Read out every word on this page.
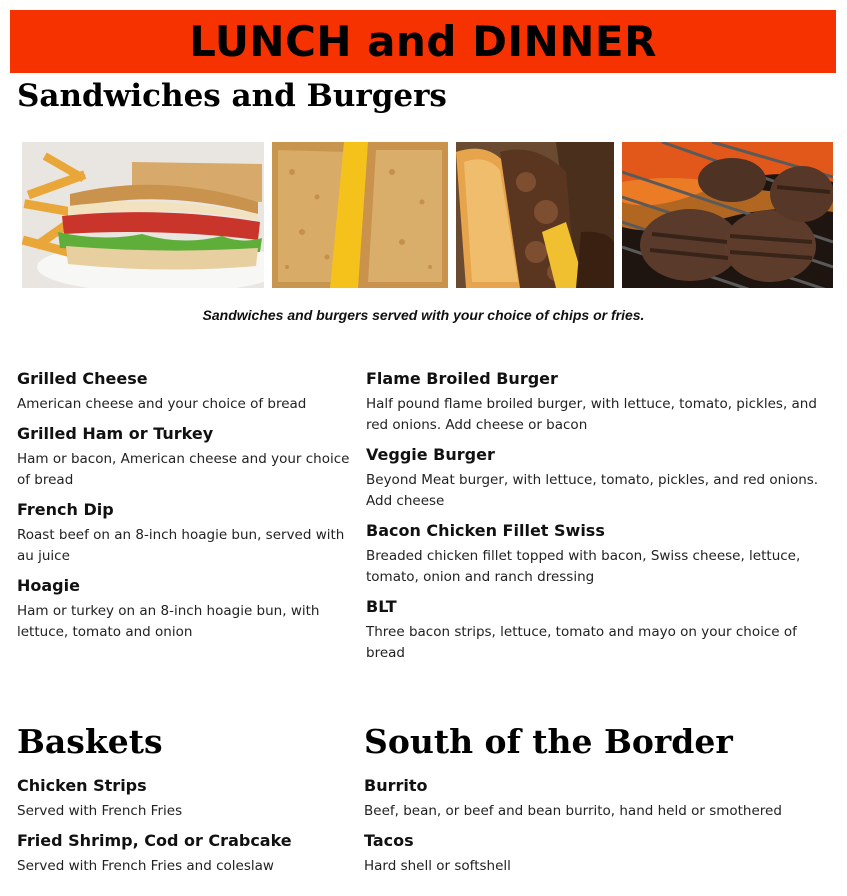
LUNCH and DINNER
Sandwiches and Burgers
Sandwiches and burgers served with your choice of chips or fries.

Grilled Cheese

American cheese and your choice of bread

Grilled Ham or Turkey

Ham or bacon, American cheese and your choice of bread

French Dip

Roast beef on an 8-inch hoagie bun, served with au juice

Hoagie

Ham or turkey on an 8-inch hoagie bun, with lettuce, tomato and onion

Flame Broiled Burger

Half pound flame broiled burger, with lettuce, tomato, pickles, and red onions. Add cheese or bacon

Veggie Burger

Beyond Meat burger, with lettuce, tomato, pickles, and red onions. Add cheese

Bacon Chicken Fillet Swiss

Breaded chicken fillet topped with bacon, Swiss cheese, lettuce, tomato, onion and ranch dressing

BLT

Three bacon strips, lettuce, tomato and mayo on your choice of bread

Baskets	South of the Border

Chicken Strips

Served with French Fries

Fried Shrimp, Cod or Crabcake

Served with French Fries and coleslaw

Burrito

Beef, bean, or beef and bean burrito, hand held or smothered

Tacos

Hard shell or softshell
